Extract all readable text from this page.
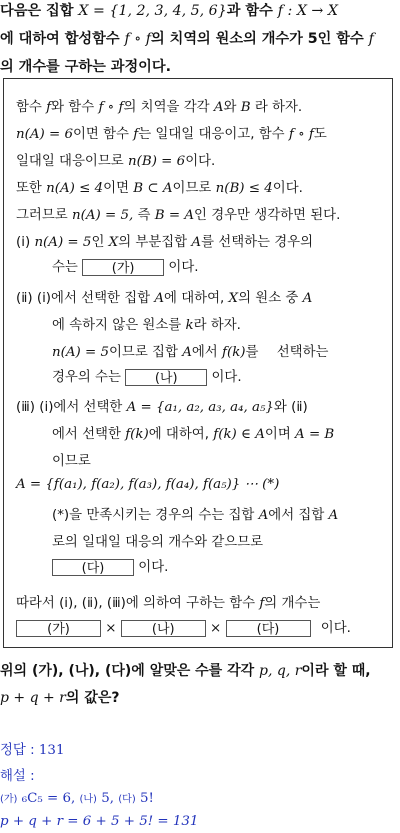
다음은 집합 X = {1, 2, 3, 4, 5, 6}과 함수 f : X → X
에 대하여 합성함수 f ∘ f의 치역의 원소의 개수가 5인 함수 f
의 개수를 구하는 과정이다.
함수 f와 함수 f ∘ f의 치역을 각각 A와 B 라 하자.
n(A) = 6이면 함수 f는 일대일 대응이고, 함수 f ∘ f도
일대일 대응이므로 n(B) = 6이다.
또한 n(A) ≤ 4이면 B ⊂ A이므로 n(B) ≤ 4이다.
그러므로 n(A) = 5, 즉 B = A인 경우만 생각하면 된다.
(ⅰ) n(A) = 5인 X의 부분집합 A를 선택하는 경우의
수는	(가)	이다.
(ⅱ) (ⅰ)에서 선택한 집합 A에 대하여, X의 원소 중 A
에 속하지 않은 원소를 k라 하자.
n(A) = 5이므로 집합 A에서 f(k)를 선택하는
경우의 수는	(나)	이다.
(ⅲ) (ⅰ)에서 선택한 A = {a₁, a₂, a₃, a₄, a₅}와 (ⅱ)
에서 선택한 f(k)에 대하여, f(k) ∈ A이며 A = B
이므로
A = {f(a₁), f(a₂), f(a₃), f(a₄), f(a₅)} ⋯ (*)
(*)을 만족시키는 경우의 수는 집합 A에서 집합 A
로의 일대일 대응의 개수와 같으므로
(다)	이다.
따라서 (ⅰ), (ⅱ), (ⅲ)에 의하여 구하는 함수 f의 개수는
(가)	×	(나)	×	(다)	이다.
위의 (가), (나), (다)에 알맞은 수를 각각 p, q, r이라 할 때,
p + q + r의 값은?
정답 : 131
해설 :
(가) ₆C₅ = 6, (나) 5, (다) 5!
p + q + r = 6 + 5 + 5! = 131
